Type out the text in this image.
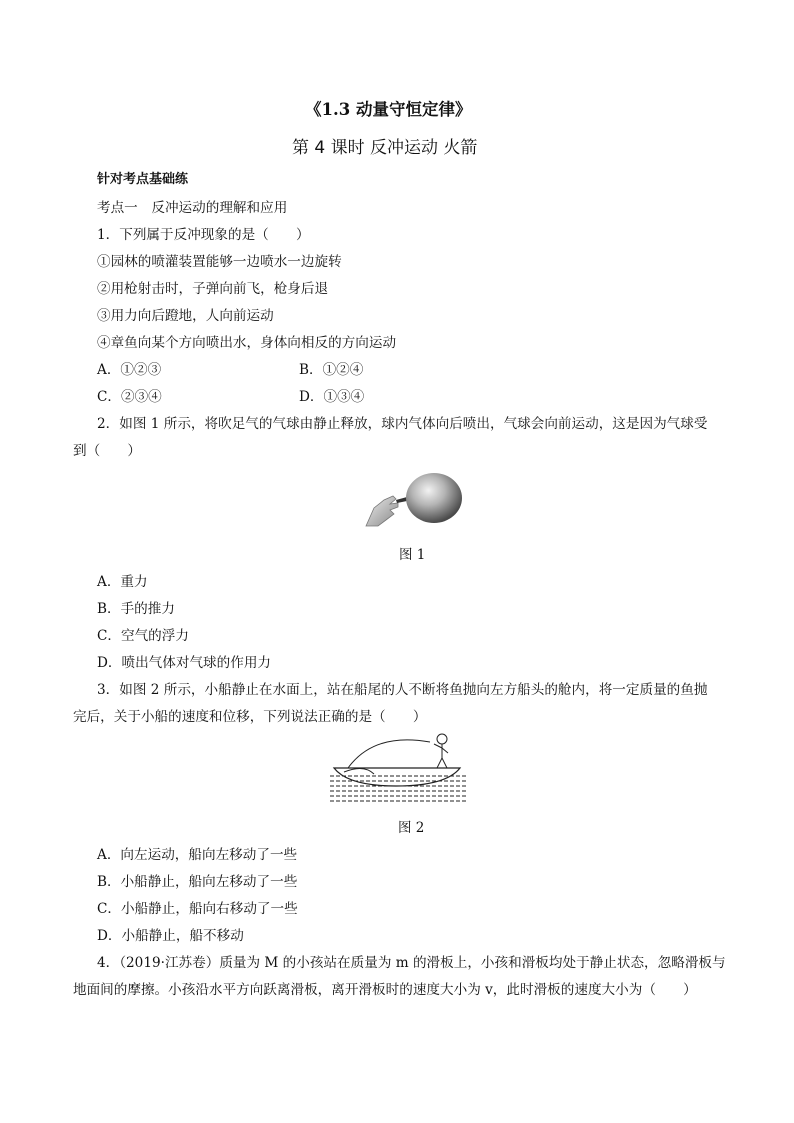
《1.3 动量守恒定律》
第 4 课时 反冲运动 火箭
针对考点基础练
考点一　反冲运动的理解和应用
1．下列属于反冲现象的是（　　）
①园林的喷灌装置能够一边喷水一边旋转
②用枪射击时，子弹向前飞，枪身后退
③用力向后蹬地，人向前运动
④章鱼向某个方向喷出水，身体向相反的方向运动
A．①②③	B．①②④
C．②③④	D．①③④
2．如图 1 所示，将吹足气的气球由静止释放，球内气体向后喷出，气球会向前运动，这是因为气球受
到（　　）
图 1
A．重力
B．手的推力
C．空气的浮力
D．喷出气体对气球的作用力
3．如图 2 所示，小船静止在水面上，站在船尾的人不断将鱼抛向左方船头的舱内，将一定质量的鱼抛
完后，关于小船的速度和位移，下列说法正确的是（　　）
图 2
A．向左运动，船向左移动了一些
B．小船静止，船向左移动了一些
C．小船静止，船向右移动了一些
D．小船静止，船不移动
4．（2019·江苏卷）质量为 M 的小孩站在质量为 m 的滑板上，小孩和滑板均处于静止状态，忽略滑板与
地面间的摩擦。小孩沿水平方向跃离滑板，离开滑板时的速度大小为 v，此时滑板的速度大小为（　　）
